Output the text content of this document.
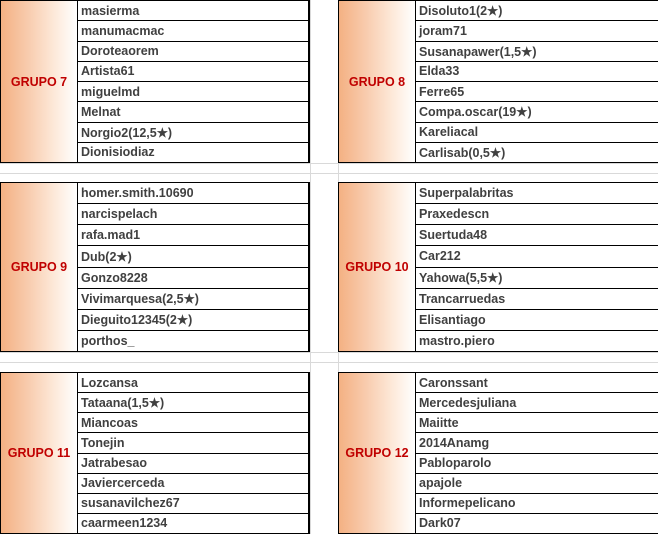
GRUPO 7
masierma
manumacmac
Doroteaorem
Artista61
miguelmd
Melnat
Norgio2(12,5★)
Dionisiodiaz
GRUPO 8
Disoluto1(2★)
joram71
Susanapawer(1,5★)
Elda33
Ferre65
Compa.oscar(19★)
Kareliacal
Carlisab(0,5★)
GRUPO 9
homer.smith.10690
narcispelach
rafa.mad1
Dub(2★)
Gonzo8228
Vivimarquesa(2,5★)
Dieguito12345(2★)
porthos_
GRUPO 10
Superpalabritas
Praxedescn
Suertuda48
Car212
Yahowa(5,5★)
Trancarruedas
Elisantiago
mastro.piero
GRUPO 11
Lozcansa
Tataana(1,5★)
Miancoas
Tonejin
Jatrabesao
Javiercerceda
susanavilchez67
caarmeen1234
GRUPO 12
Caronssant
Mercedesjuliana
Maiitte
2014Anamg
Pabloparolo
apajole
Informepelicano
Dark07
